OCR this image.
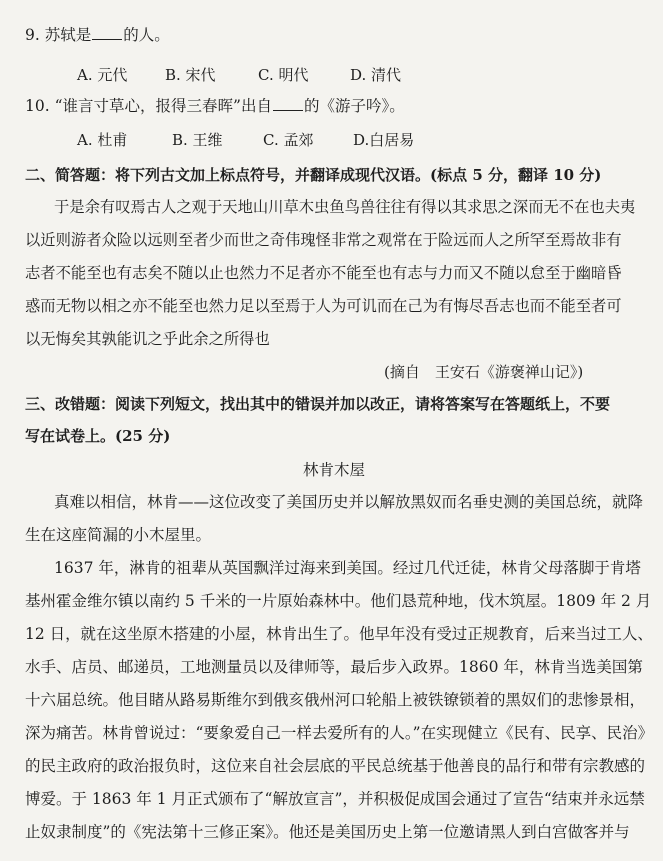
9. 苏轼是 的人。
A. 元代	B. 宋代	C. 明代	D. 清代
10. “谁言寸草心，报得三春晖”出自 的《游子吟》。
A. 杜甫	B. 王维	C. 孟郊	D.白居易
二、简答题：将下列古文加上标点符号，并翻译成现代汉语。(标点 5 分，翻译 10 分)
于是余有叹焉古人之观于天地山川草木虫鱼鸟兽往往有得以其求思之深而无不在也夫夷
以近则游者众险以远则至者少而世之奇伟瑰怪非常之观常在于险远而人之所罕至焉故非有
志者不能至也有志矣不随以止也然力不足者亦不能至也有志与力而又不随以怠至于幽暗昏
惑而无物以相之亦不能至也然力足以至焉于人为可讥而在己为有悔尽吾志也而不能至者可
以无悔矣其孰能讥之乎此余之所得也
(摘自　王安石《游褒禅山记》)
三、改错题：阅读下列短文，找出其中的错误并加以改正，请将答案写在答题纸上，不要
写在试卷上。(25 分)
林肯木屋
真难以相信，林肯——这位改变了美国历史并以解放黑奴而名垂史测的美国总统，就降
生在这座简漏的小木屋里。
1637 年，淋肯的祖辈从英国飘洋过海来到美国。经过几代迁徒，林肯父母落脚于肯塔
基州霍金维尔镇以南约 5 千米的一片原始森林中。他们恳荒种地，伐木筑屋。1809 年 2 月
12 日，就在这坐原木搭建的小屋，林肯出生了。他早年没有受过正规教育，后来当过工人、
水手、店员、邮递员，工地测量员以及律师等，最后步入政界。1860 年，林肯当选美国第
十六届总统。他目睹从路易斯维尔到俄亥俄州河口轮船上被铁镣锁着的黑奴们的悲惨景相，
深为痛苦。林肯曾说过：“要象爱自己一样去爱所有的人。”在实现健立《民有、民享、民治》
的民主政府的政治报负时，这位来自社会层底的平民总统基于他善良的品行和带有宗教感的
博爱。于 1863 年 1 月正式颁布了“解放宣言”，并积极促成国会通过了宣告“结束并永远禁
止奴隶制度”的《宪法第十三修正案》。他还是美国历史上第一位邀请黑人到白宫做客并与
